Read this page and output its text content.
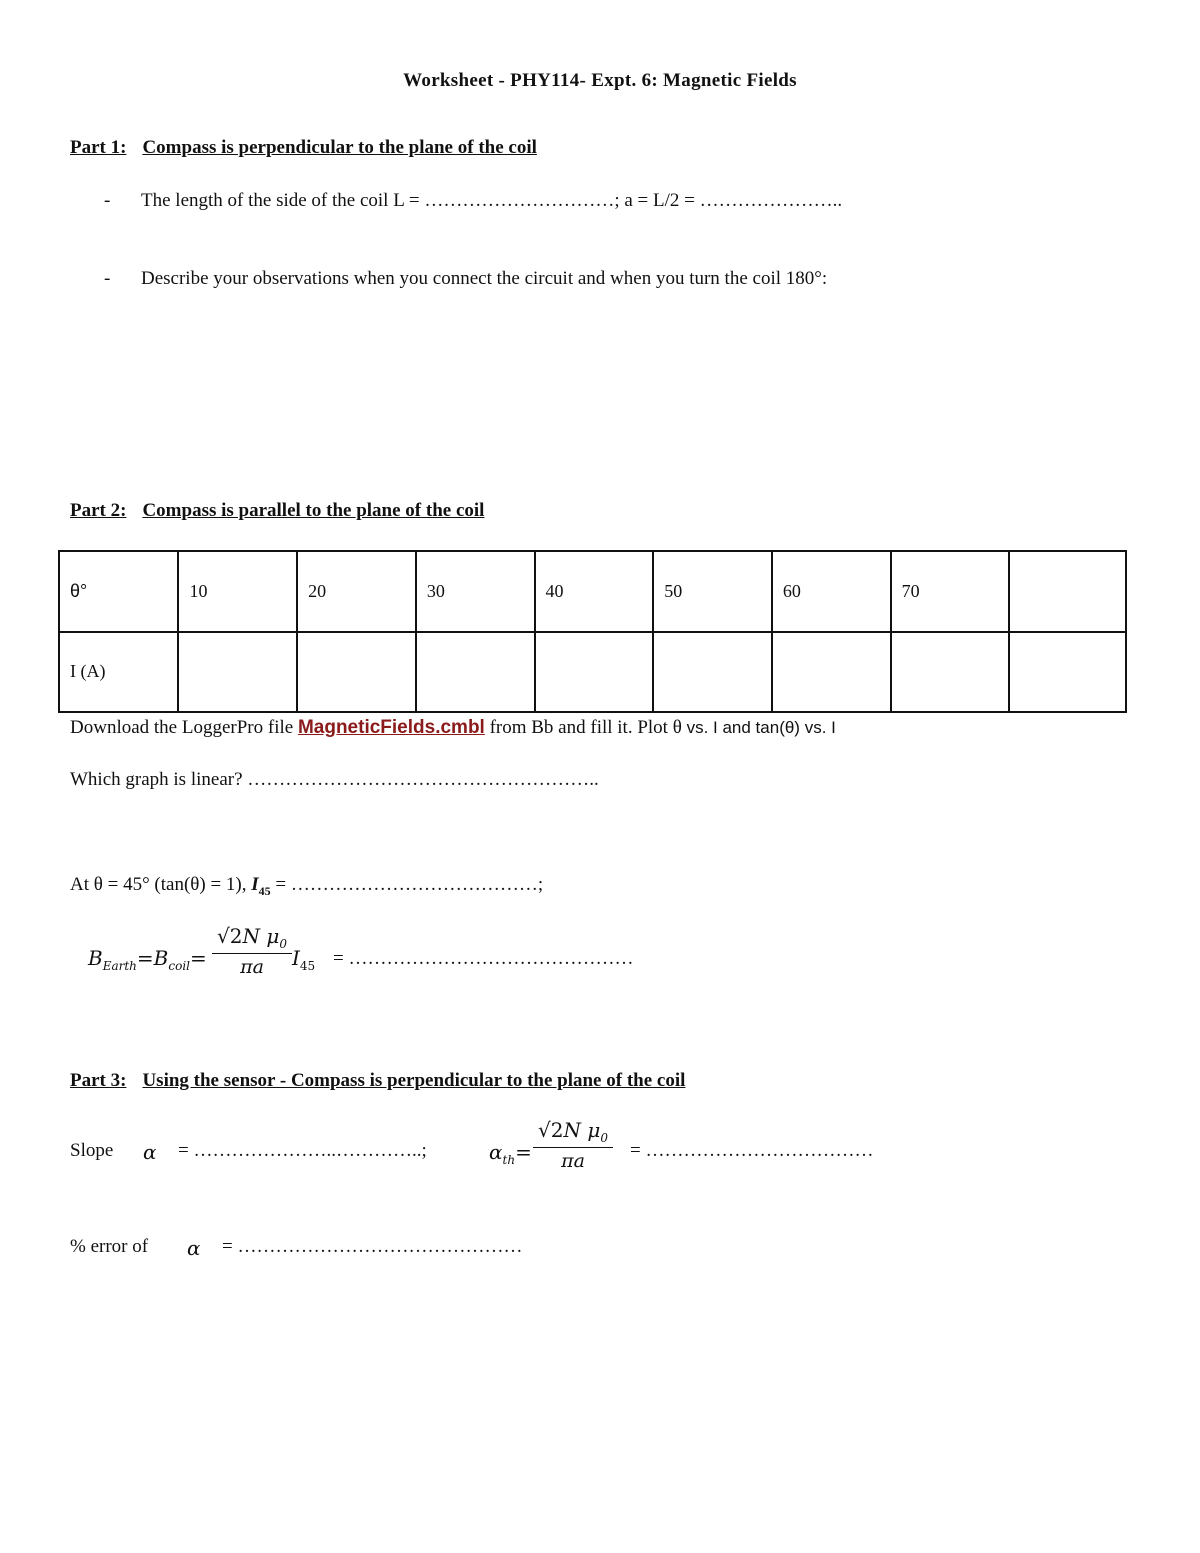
Worksheet - PHY114- Expt. 6: Magnetic Fields
Part 1: Compass is perpendicular to the plane of the coil
- The length of the side of the coil L = …………………………; a = L/2 = …………………..
- Describe your observations when you connect the circuit and when you turn the coil 180°:
Part 2: Compass is parallel to the plane of the coil
θ°	10	20	30	40	50	60	70	
I (A)								
Download the LoggerPro file MagneticFields.cmbl from Bb and fill it. Plot θ vs. I and tan(θ) vs. I
Which graph is linear? ………………………………………………..
At θ = 45° (tan(θ) = 1), $I_{45}$ = …………………………………;
$B_{Earth}=B_{coil}=$
√2N $\mu_0$
πa	$I_{45}$ = ………………………………………
Part 3: Using the sensor - Compass is perpendicular to the plane of the coil
Slope α = …………………..…………..;	$\alpha_{th}=$
√2N $\mu_0$
πa	= ………………………………
% error of α = ………………………………………
